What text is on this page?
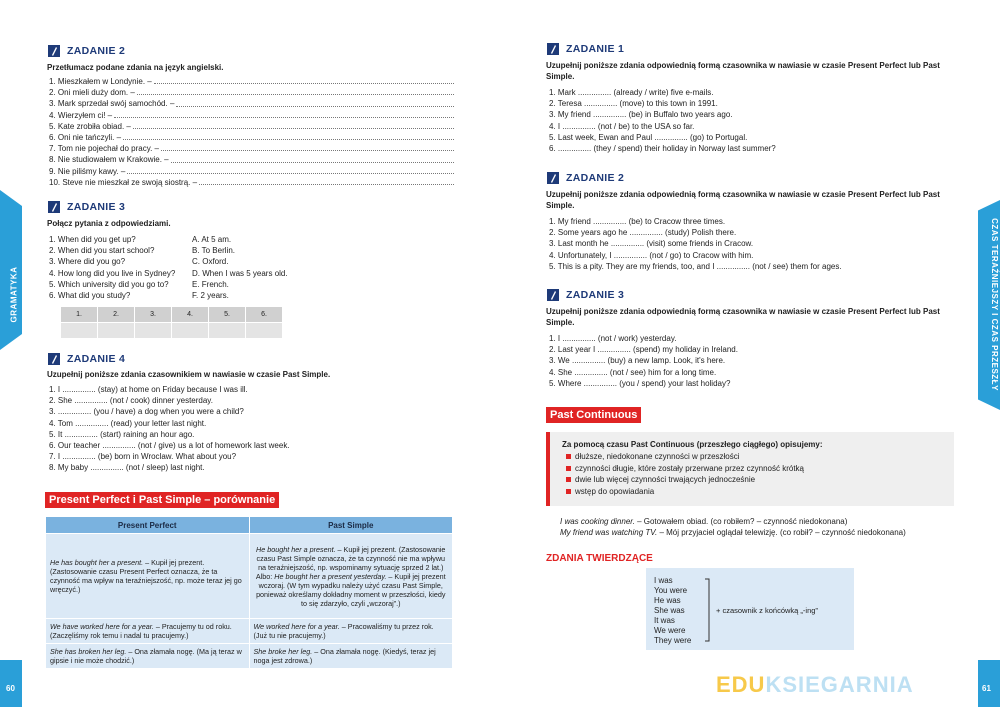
GRAMATYKA
60
CZAS TERAŹNIEJSZY I CZAS PRZESZŁY
61
ZADANIE 2
Przetłumacz podane zdania na język angielski.
1. Mieszkałem w Londynie. –
2. Oni mieli duży dom. –
3. Mark sprzedał swój samochód. –
4. Wierzyłem ci! –
5. Kate zrobiła obiad. –
6. Oni nie tańczyli. –
7. Tom nie pojechał do pracy. –
8. Nie studiowałem w Krakowie. –
9. Nie piliśmy kawy. –
10. Steve nie mieszkał ze swoją siostrą. –
ZADANIE 3
Połącz pytania z odpowiedziami.
1. When did you get up?
2. When did you start school?
3. Where did you go?
4. How long did you live in Sydney?
5. Which university did you go to?
6. What did you study?
A. At 5 am.
B. To Berlin.
C. Oxford.
D. When I was 5 years old.
E. French.
F. 2 years.
1.	2.	3.	4.	5.	6.

ZADANIE 4
Uzupełnij poniższe zdania czasownikiem w nawiasie w czasie Past Simple.
1. I ............... (stay) at home on Friday because I was ill.
2. She ............... (not / cook) dinner yesterday.
3. ............... (you / have) a dog when you were a child?
4. Tom ............... (read) your letter last night.
5. It ............... (start) raining an hour ago.
6. Our teacher ............... (not / give) us a lot of homework last week.
7. I ............... (be) born in Wroclaw. What about you?
8. My baby ............... (not / sleep) last night.
Present Perfect i Past Simple – porównanie
Present Perfect	Past Simple
He has bought her a present. – Kupił jej prezent. (Zastosowanie czasu Present Perfect oznacza, że ta czynność ma wpływ na teraźniejszość, np. może teraz jej go wręczyć.)	He bought her a present. – Kupił jej prezent. (Zastosowanie czasu Past Simple oznacza, że ta czynność nie ma wpływu na teraźniejszość, np. wspominamy sytuację sprzed 2 lat.)
Albo: He bought her a present yesterday. – Kupił jej prezent wczoraj. (W tym wypadku należy użyć czasu Past Simple, ponieważ określamy dokładny moment w przeszłości, kiedy to się zdarzyło, czyli „wczoraj”.)
We have worked here for a year. – Pracujemy tu od roku. (Zaczęliśmy rok temu i nadal tu pracujemy.)	We worked here for a year. – Pracowaliśmy tu przez rok. (Już tu nie pracujemy.)
She has broken her leg. – Ona złamała nogę. (Ma ją teraz w gipsie i nie może chodzić.)	She broke her leg. – Ona złamała nogę. (Kiedyś, teraz jej noga jest zdrowa.)
ZADANIE 1
Uzupełnij poniższe zdania odpowiednią formą czasownika w nawiasie w czasie Present Perfect lub Past Simple.
1. Mark ............... (already / write) five e-mails.
2. Teresa ............... (move) to this town in 1991.
3. My friend ............... (be) in Buffalo two years ago.
4. I ............... (not / be) to the USA so far.
5. Last week, Ewan and Paul ............... (go) to Portugal.
6. ............... (they / spend) their holiday in Norway last summer?
ZADANIE 2
Uzupełnij poniższe zdania odpowiednią formą czasownika w nawiasie w czasie Present Perfect lub Past Simple.
1. My friend ............... (be) to Cracow three times.
2. Some years ago he ............... (study) Polish there.
3. Last month he ............... (visit) some friends in Cracow.
4. Unfortunately, I ............... (not / go) to Cracow with him.
5. This is a pity. They are my friends, too, and I ............... (not / see) them for ages.
ZADANIE 3
Uzupełnij poniższe zdania odpowiednią formą czasownika w nawiasie w czasie Present Perfect lub Past Simple.
1. I ............... (not / work) yesterday.
2. Last year I ............... (spend) my holiday in Ireland.
3. We ............... (buy) a new lamp. Look, it's here.
4. She ............... (not / see) him for a long time.
5. Where ............... (you / spend) your last holiday?
Past Continuous
Za pomocą czasu Past Continuous (przeszłego ciągłego) opisujemy:
dłuższe, niedokonane czynności w przeszłości
czynności długie, które zostały przerwane przez czynność krótką
dwie lub więcej czynności trwających jednocześnie
wstęp do opowiadania
I was cooking dinner. – Gotowałem obiad. (co robiłem? – czynność niedokonana)
My friend was watching TV. – Mój przyjaciel oglądał telewizję. (co robił? – czynność niedokonana)
ZDANIA TWIERDZĄCE
I was
You were
He was
She was
It was
We were
They were
+ czasownik z końcówką „-ing”
EDUKSIEGARNIA
